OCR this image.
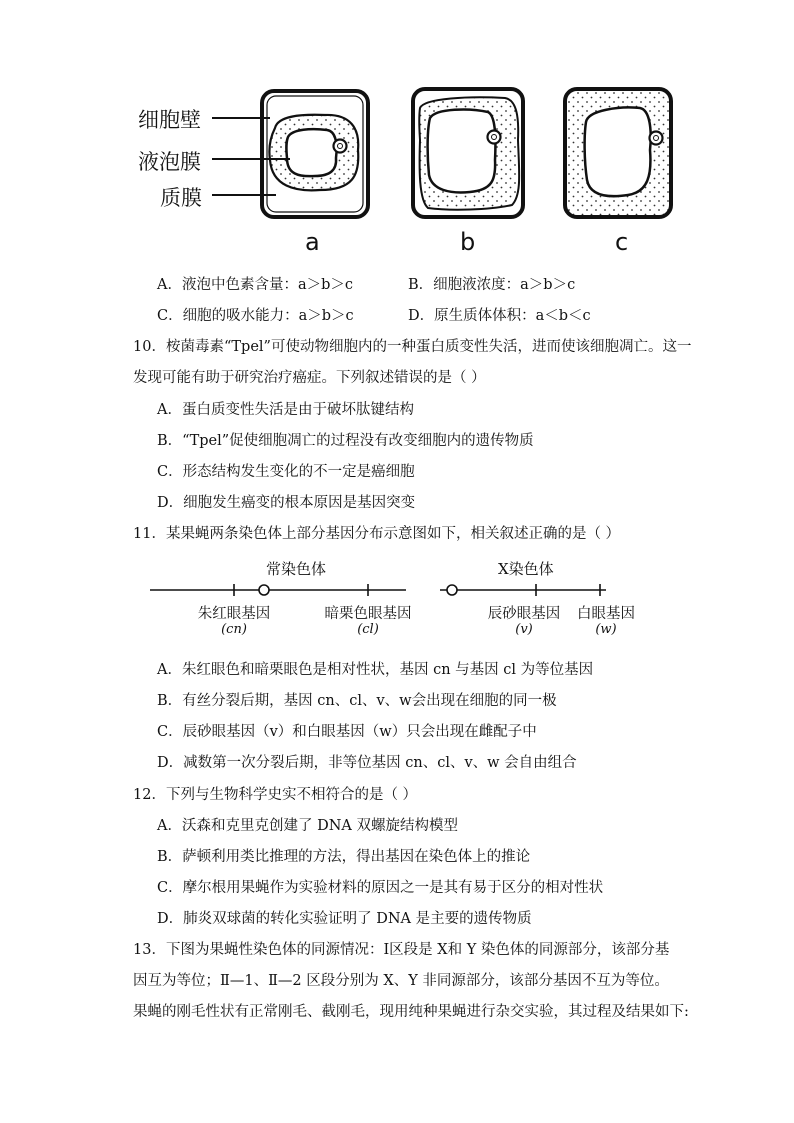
细胞壁
液泡膜
质膜
a	b	c
A．液泡中色素含量：a＞b＞c	B．细胞液浓度：a＞b＞c
C．细胞的吸水能力：a＞b＞c	D．原生质体体积：a＜b＜c
10．桉菌毒素“Tpel”可使动物细胞内的一种蛋白质变性失活，进而使该细胞凋亡。这一
发现可能有助于研究治疗癌症。下列叙述错误的是（ ）
A．蛋白质变性失活是由于破坏肽键结构
B．“Tpel”促使细胞凋亡的过程没有改变细胞内的遗传物质
C．形态结构发生变化的不一定是癌细胞
D．细胞发生癌变的根本原因是基因突变
11．某果蝇两条染色体上部分基因分布示意图如下，相关叙述正确的是（ ）
常染色体	X染色体
朱红眼基因
(cn)
暗栗色眼基因
(cl)
辰砂眼基因
(v)
白眼基因
(w)
A．朱红眼色和暗栗眼色是相对性状，基因 cn 与基因 cl 为等位基因
B．有丝分裂后期，基因 cn、cl、v、w会出现在细胞的同一极
C．辰砂眼基因（v）和白眼基因（w）只会出现在雌配子中
D．减数第一次分裂后期，非等位基因 cn、cl、v、w 会自由组合
12．下列与生物科学史实不相符合的是（ ）
A．沃森和克里克创建了 DNA 双螺旋结构模型
B．萨顿利用类比推理的方法，得出基因在染色体上的推论
C．摩尔根用果蝇作为实验材料的原因之一是其有易于区分的相对性状
D．肺炎双球菌的转化实验证明了 DNA 是主要的遗传物质
13．下图为果蝇性染色体的同源情况：Ⅰ区段是 X和 Y 染色体的同源部分，该部分基
因互为等位；Ⅱ—1、Ⅱ—2 区段分别为 X、Y 非同源部分，该部分基因不互为等位。
果蝇的刚毛性状有正常刚毛、截刚毛，现用纯种果蝇进行杂交实验，其过程及结果如下:
